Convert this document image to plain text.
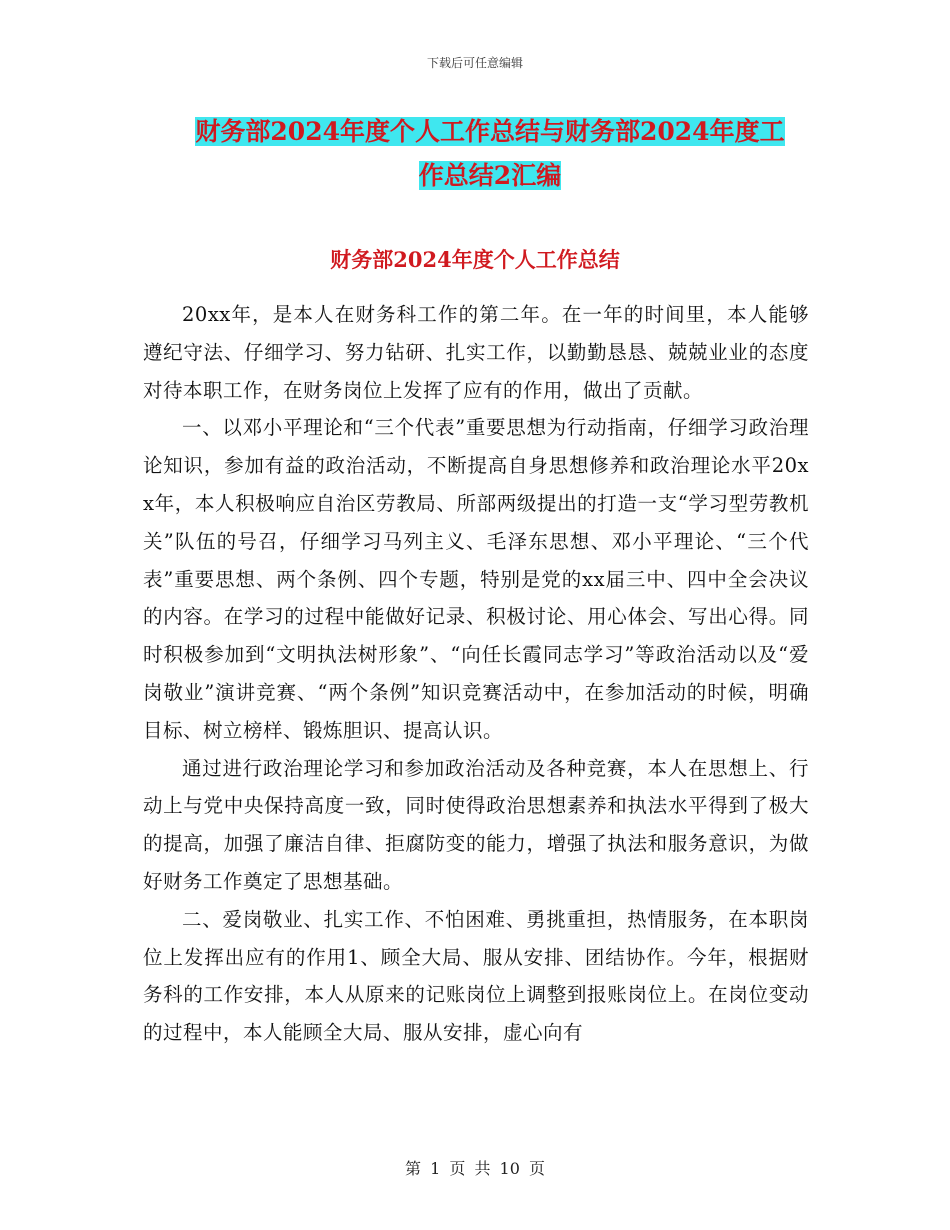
下载后可任意编辑
财务部2024年度个人工作总结与财务部2024年度工
作总结2汇编
财务部2024年度个人工作总结

20xx年，是本人在财务科工作的第二年。在一年的时间里，本人能够遵纪守法、仔细学习、努力钻研、扎实工作，以勤勤恳恳、兢兢业业的态度对待本职工作，在财务岗位上发挥了应有的作用，做出了贡献。

一、以邓小平理论和“三个代表”重要思想为行动指南，仔细学习政治理论知识，参加有益的政治活动，不断提高自身思想修养和政治理论水平20xx年，本人积极响应自治区劳教局、所部两级提出的打造一支“学习型劳教机关”队伍的号召，仔细学习马列主义、毛泽东思想、邓小平理论、“三个代表”重要思想、两个条例、四个专题，特别是党的xx届三中、四中全会决议的内容。在学习的过程中能做好记录、积极讨论、用心体会、写出心得。同时积极参加到“文明执法树形象”、“向任长霞同志学习”等政治活动以及“爱岗敬业”演讲竞赛、“两个条例”知识竞赛活动中，在参加活动的时候，明确目标、树立榜样、锻炼胆识、提高认识。

通过进行政治理论学习和参加政治活动及各种竞赛，本人在思想上、行动上与党中央保持高度一致，同时使得政治思想素养和执法水平得到了极大的提高，加强了廉洁自律、拒腐防变的能力，增强了执法和服务意识，为做好财务工作奠定了思想基础。

二、爱岗敬业、扎实工作、不怕困难、勇挑重担，热情服务，在本职岗位上发挥出应有的作用1、顾全大局、服从安排、团结协作。今年，根据财务科的工作安排，本人从原来的记账岗位上调整到报账岗位上。在岗位变动的过程中，本人能顾全大局、服从安排，虚心向有

第 1 页 共 10 页
